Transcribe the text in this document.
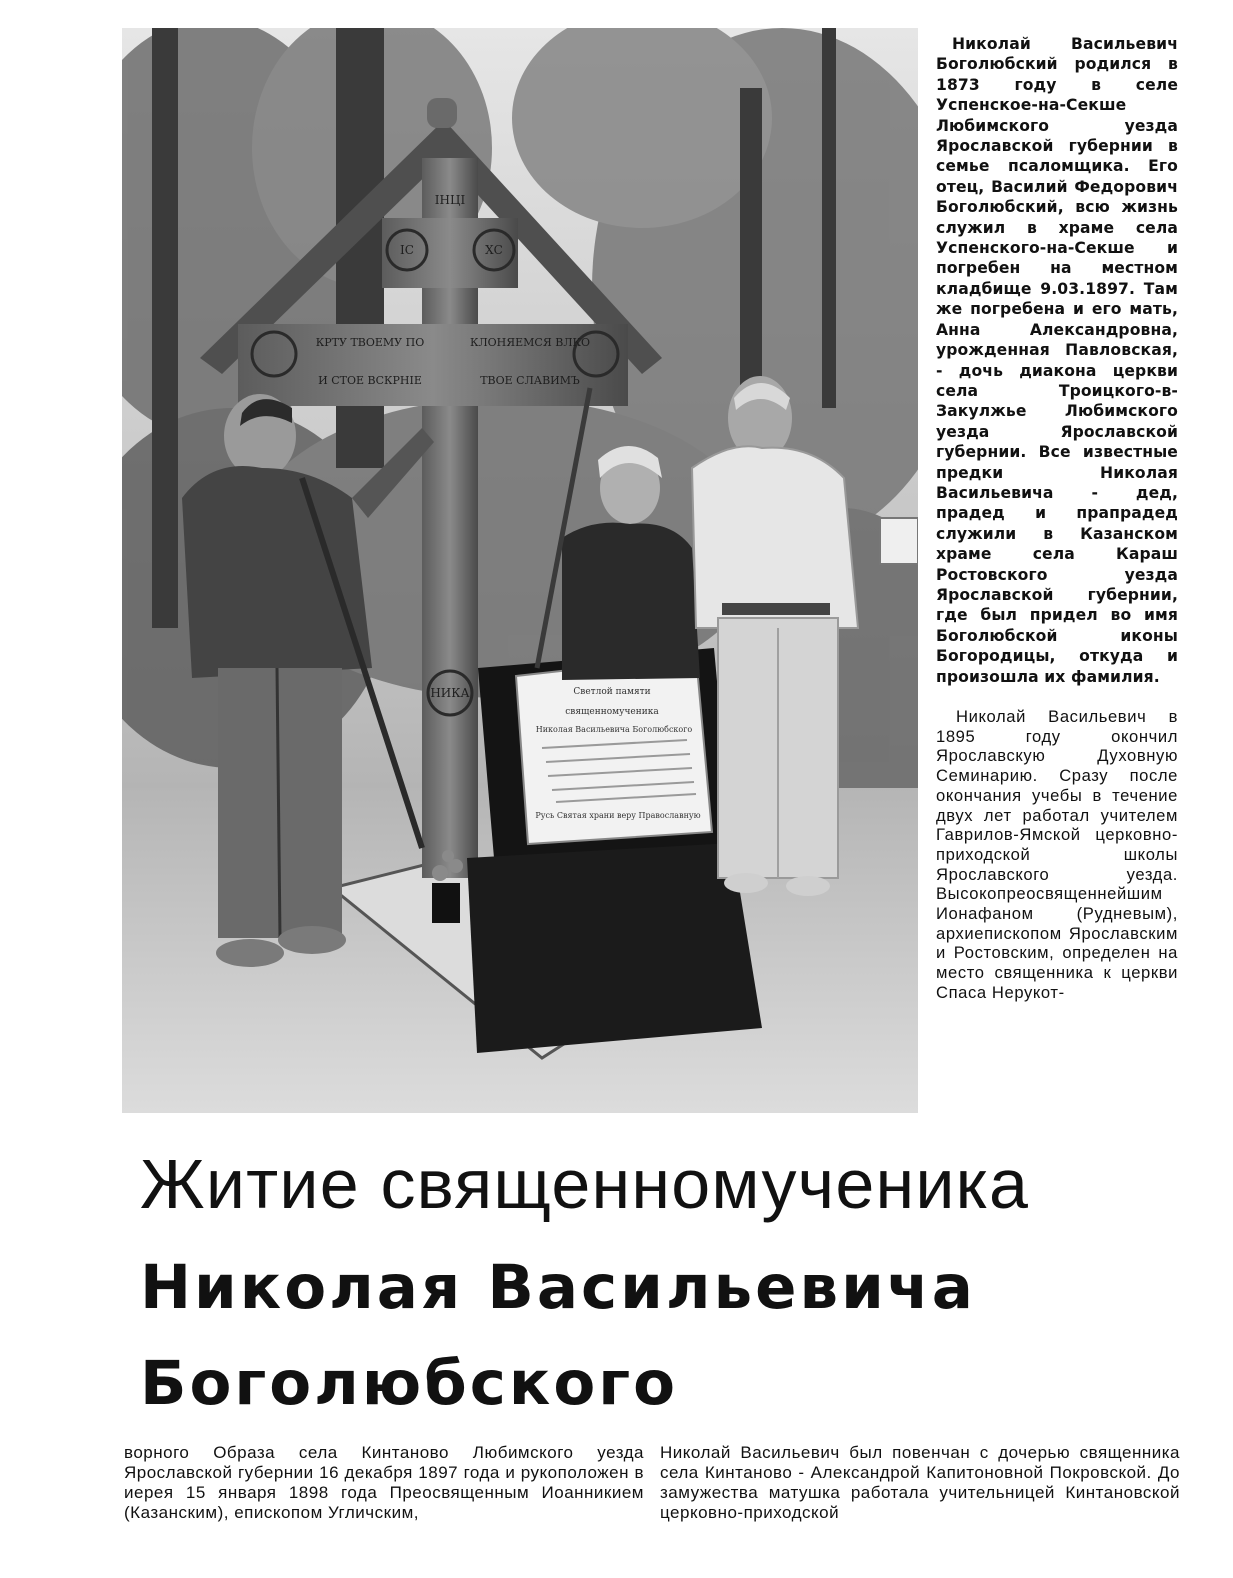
ІНЦІ
ІС	ХС
НИКА
КРТУ ТВОЕМУ ПО	КЛОНЯЕМСЯ ВЛКО
И СТОЕ ВСКРНІЕ	ТВОЕ СЛАВИМЪ
Светлой памяти
священномученика
Николая Васильевича Боголюбского
Русь Святая храни веру Православную

Николай Васильевич Боголюбский родился в 1873 году в селе Успенское-на-Секше Любимского уезда Ярославской губернии в семье псаломщика. Его отец, Василий Федорович Боголюбский, всю жизнь служил в храме села Успенского-на-Секше и погребен на местном кладбище 9.03.1897. Там же погребена и его мать, Анна Александровна, урожденная Павловская, - дочь диакона церкви села Троицкого-в- Закулжье Любимского уезда Ярославской губернии. Все известные предки Николая Васильевича - дед, прадед и прапрадед служили в Казанском храме села Караш Ростовского уезда Ярославской губернии, где был придел во имя Боголюбской иконы Богородицы, откуда и произошла их фамилия.

Николай Васильевич в 1895 году окончил Ярославскую Духовную Семинарию. Сразу после окончания учебы в течение двух лет работал учителем Гаврилов-Ямской церковно-приходской школы Ярославского уезда. Высокопреосвященнейшим Ионафаном (Рудневым), архиепископом Ярославским и Ростовским, определен на место священника к церкви Спаса Нерукот-

Житие священномученика
Николая Васильевича
Боголюбского
ворного Образа села Кинтаново Любимского уезда Ярославской губернии 16 декабря 1897 года и рукоположен в иерея 15 января 1898 года Преосвященным Иоанникием (Казанским), епископом Угличским,
Николай Васильевич был повенчан с дочерью священника села Кинтаново - Александрой Капитоновной Покровской. До замужества матушка работала учительницей Кинтановской церковно-приходской
